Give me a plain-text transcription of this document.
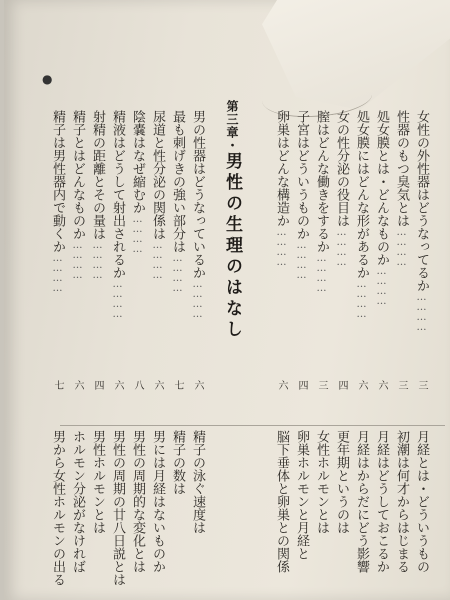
●
女性の外性器はどうなってるか
…………
三
性器のもつ臭気とは
…………
三
処女膜とは・どんなものか
…………
六
処女膜にはどんな形があるか
…………
六
女の性分泌の役目は
…………
四
膣はどんな働きをするか
…………
三
子宮はどういうものか
…………
四
卵巣はどんな構造か
…………
六
第三章・男性の生理のはなし
男の性器はどうなっているか
…………
六
最も刺げきの強い部分は
…………
七
尿道と性分泌の関係は
…………
六
陰嚢はなぜ縮むか
…………
八
精液はどうして射出されるか
…………
六
射精の距離とその量は
…………
四
精子とはどんなものか
…………
六
精子は男性器内で動くか
…………
七
月経とは・どういうもの
初潮は何才からはじまる
月経はどうしておこるか
月経はからだにどう影響
更年期というのは
女性ホルモンとは
卵巣ホルモンと月経と
脳下垂体と卵巣との関係
精子の泳ぐ速度は
精子の数は
男には月経はないものか
男性の周期的な変化とは
男性の周期の廿八日説とは
男性ホルモンとは
ホルモン分泌がなければ
男から女性ホルモンの出る
